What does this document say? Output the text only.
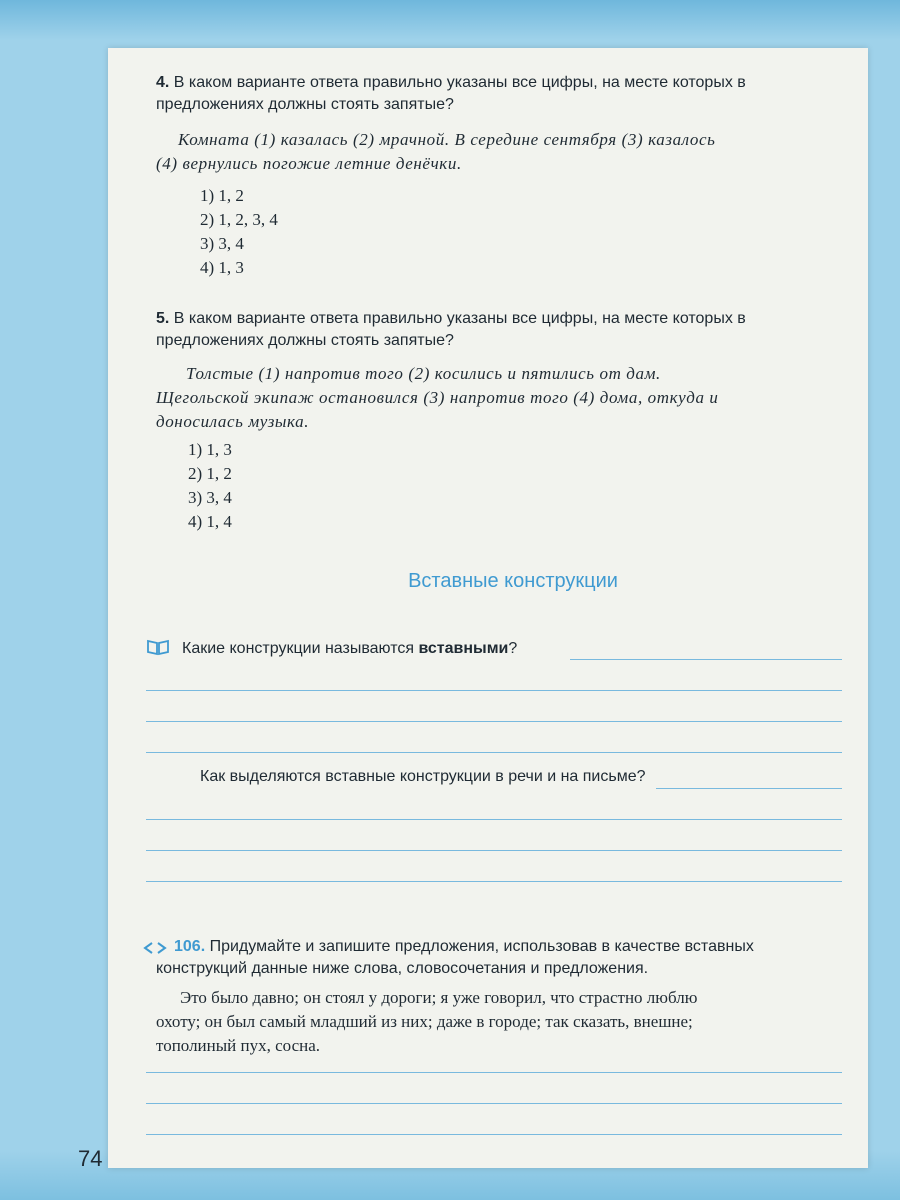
4. В каком варианте ответа правильно указаны все цифры, на месте которых в предложениях должны стоять запятые?
Комната (1) казалась (2) мрачной. В середине сентября (3) казалось
(4) вернулись погожие летние денёчки.
1) 1, 2
2) 1, 2, 3, 4
3) 3, 4
4) 1, 3
5. В каком варианте ответа правильно указаны все цифры, на месте которых в предложениях должны стоять запятые?
Толстые (1) напротив того (2) косились и пятились от дам.
Щегольской экипаж остановился (3) напротив того (4) дома, откуда и
доносилась музыка.
1) 1, 3
2) 1, 2
3) 3, 4
4) 1, 4
Вставные конструкции
Какие конструкции называются вставными?
Как выделяются вставные конструкции в речи и на письме?
106. Придумайте и запишите предложения, использовав в качестве вставных
конструкций данные ниже слова, словосочетания и предложения.
Это было давно; он стоял у дороги; я уже говорил, что страстно люблю
охоту; он был самый младший из них; даже в городе; так сказать, внешне;
тополиный пух, сосна.
74
